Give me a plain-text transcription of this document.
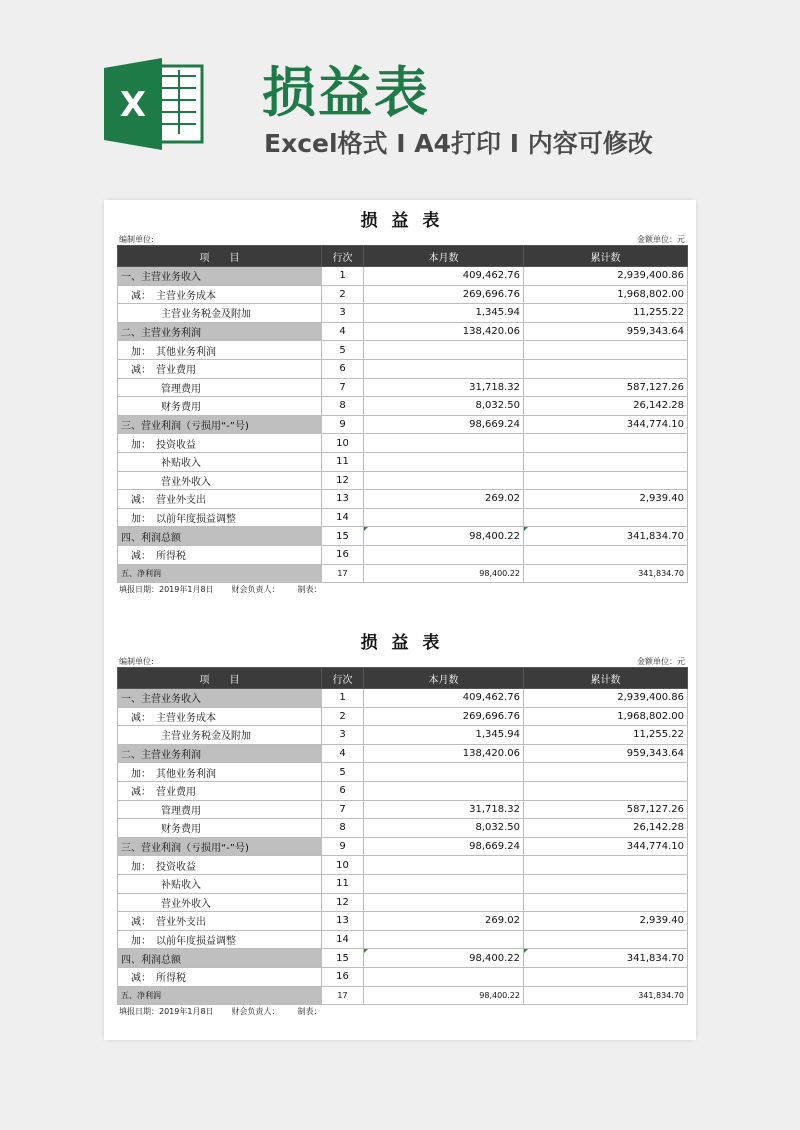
X 损益表
Excel格式 I A4打印 I 内容可修改
损 益 表
编制单位:	金额单位：元
项　　目	行次	本月数	累计数
一、主营业务收入	1	409,462.76	2,939,400.86
　减：　主营业务成本	2	269,696.76	1,968,802.00
　　　　主营业务税金及附加	3	1,345.94	11,255.22
二、主营业务利润	4	138,420.06	959,343.64
　加：　其他业务利润	5		
　减：　营业费用	6		
　　　　管理费用	7	31,718.32	587,127.26
　　　　财务费用	8	8,032.50	26,142.28
三、营业利润（亏损用“-”号)	9	98,669.24	344,774.10
　加：　投资收益	10		
　　　　补贴收入	11		
　　　　营业外收入	12		
　减：　营业外支出	13	269.02	2,939.40
　加：　以前年度损益调整	14		
四、利润总额	15	98,400.22	341,834.70
　减：　所得税	16		
五、净利润	17	98,400.22	341,834.70
填报日期：2019年1月8日 财会负责人： 制表：
损 益 表
编制单位:	金额单位：元
项　　目	行次	本月数	累计数
一、主营业务收入	1	409,462.76	2,939,400.86
　减：　主营业务成本	2	269,696.76	1,968,802.00
　　　　主营业务税金及附加	3	1,345.94	11,255.22
二、主营业务利润	4	138,420.06	959,343.64
　加：　其他业务利润	5		
　减：　营业费用	6		
　　　　管理费用	7	31,718.32	587,127.26
　　　　财务费用	8	8,032.50	26,142.28
三、营业利润（亏损用“-”号)	9	98,669.24	344,774.10
　加：　投资收益	10		
　　　　补贴收入	11		
　　　　营业外收入	12		
　减：　营业外支出	13	269.02	2,939.40
　加：　以前年度损益调整	14		
四、利润总额	15	98,400.22	341,834.70
　减：　所得税	16		
五、净利润	17	98,400.22	341,834.70
填报日期：2019年1月8日 财会负责人： 制表：
